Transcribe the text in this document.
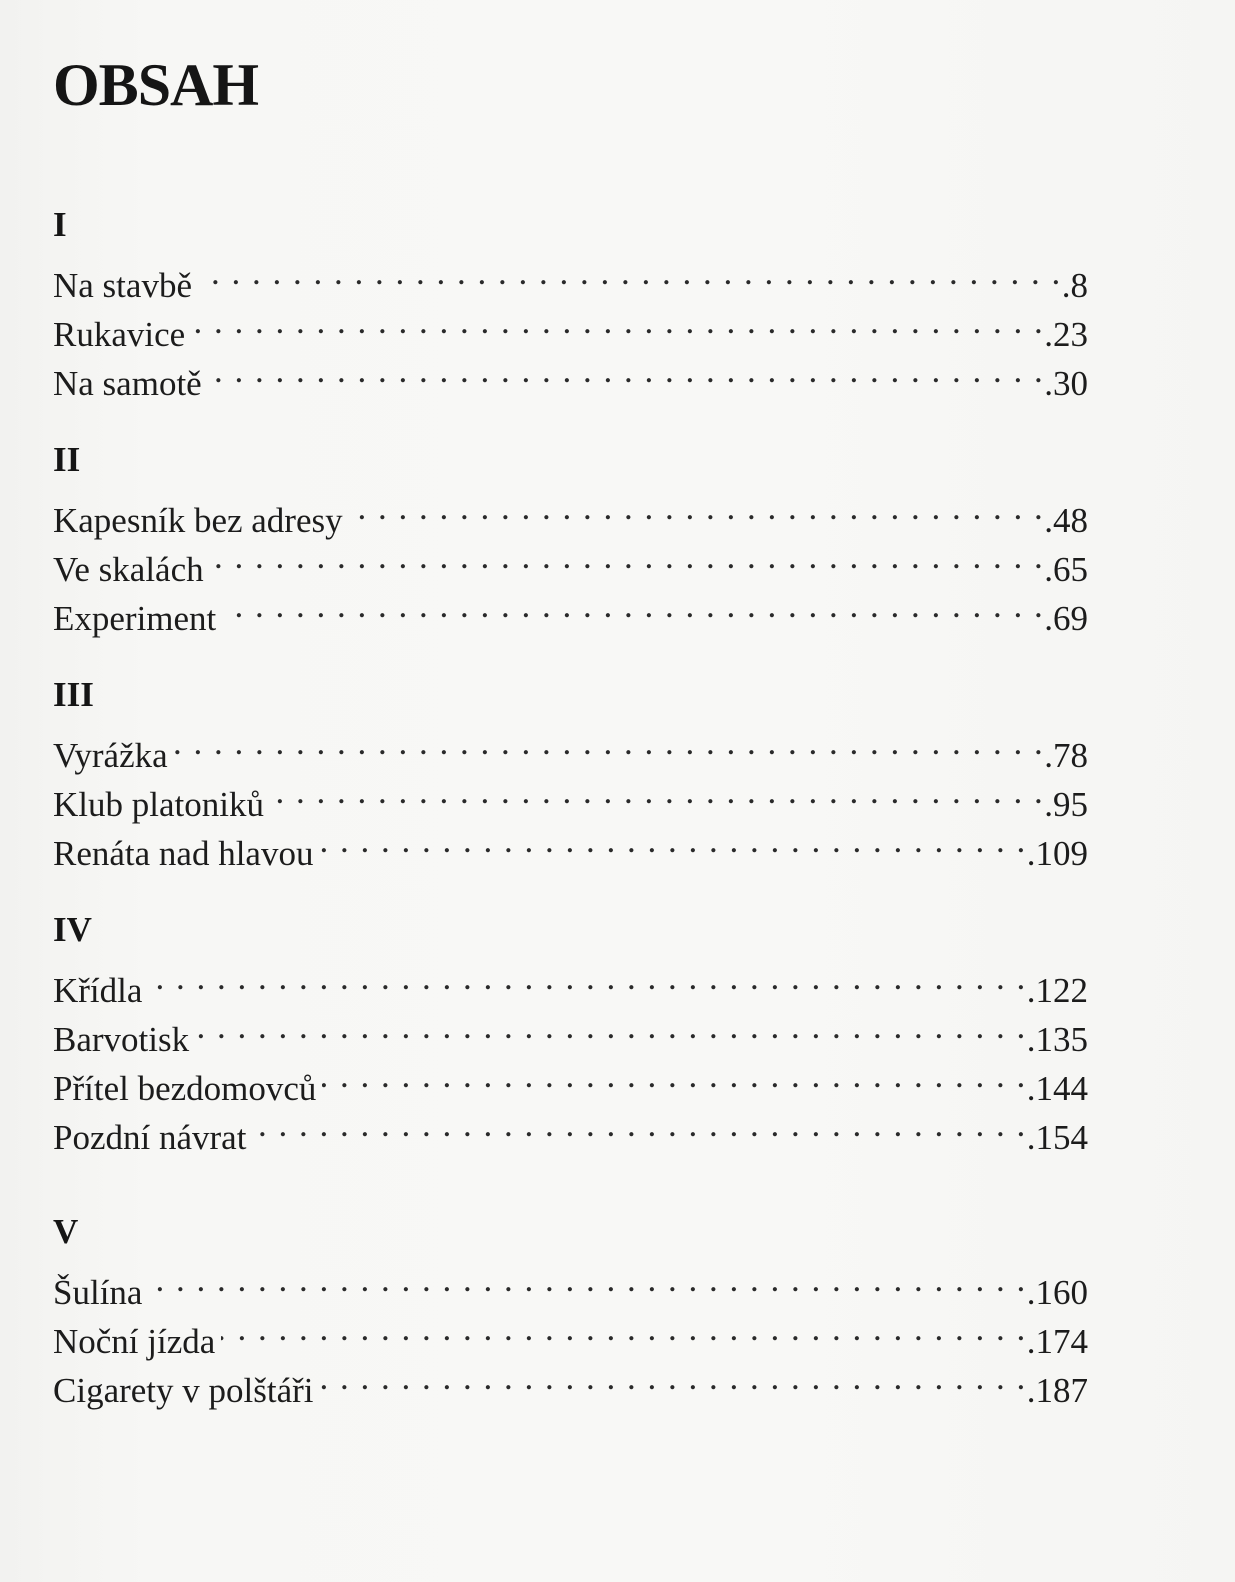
OBSAH
I
Na stavbě . . .	.8
Rukavice . . .	.23
Na samotě . . .	.30
II
Kapesník bez adresy . . .	.48
Ve skalách . . .	.65
Experiment . . .	.69
III
Vyrážka . . .	.78
Klub platoniků . . .	.95
Renáta nad hlavou . . .	.109
IV
Křídla . . .	.122
Barvotisk . . .	.135
Přítel bezdomovců . . .	.144
Pozdní návrat . . .	.154
V
Šulína . . .	.160
Noční jízda . . .	.174
Cigarety v polštáři . . .	.187
